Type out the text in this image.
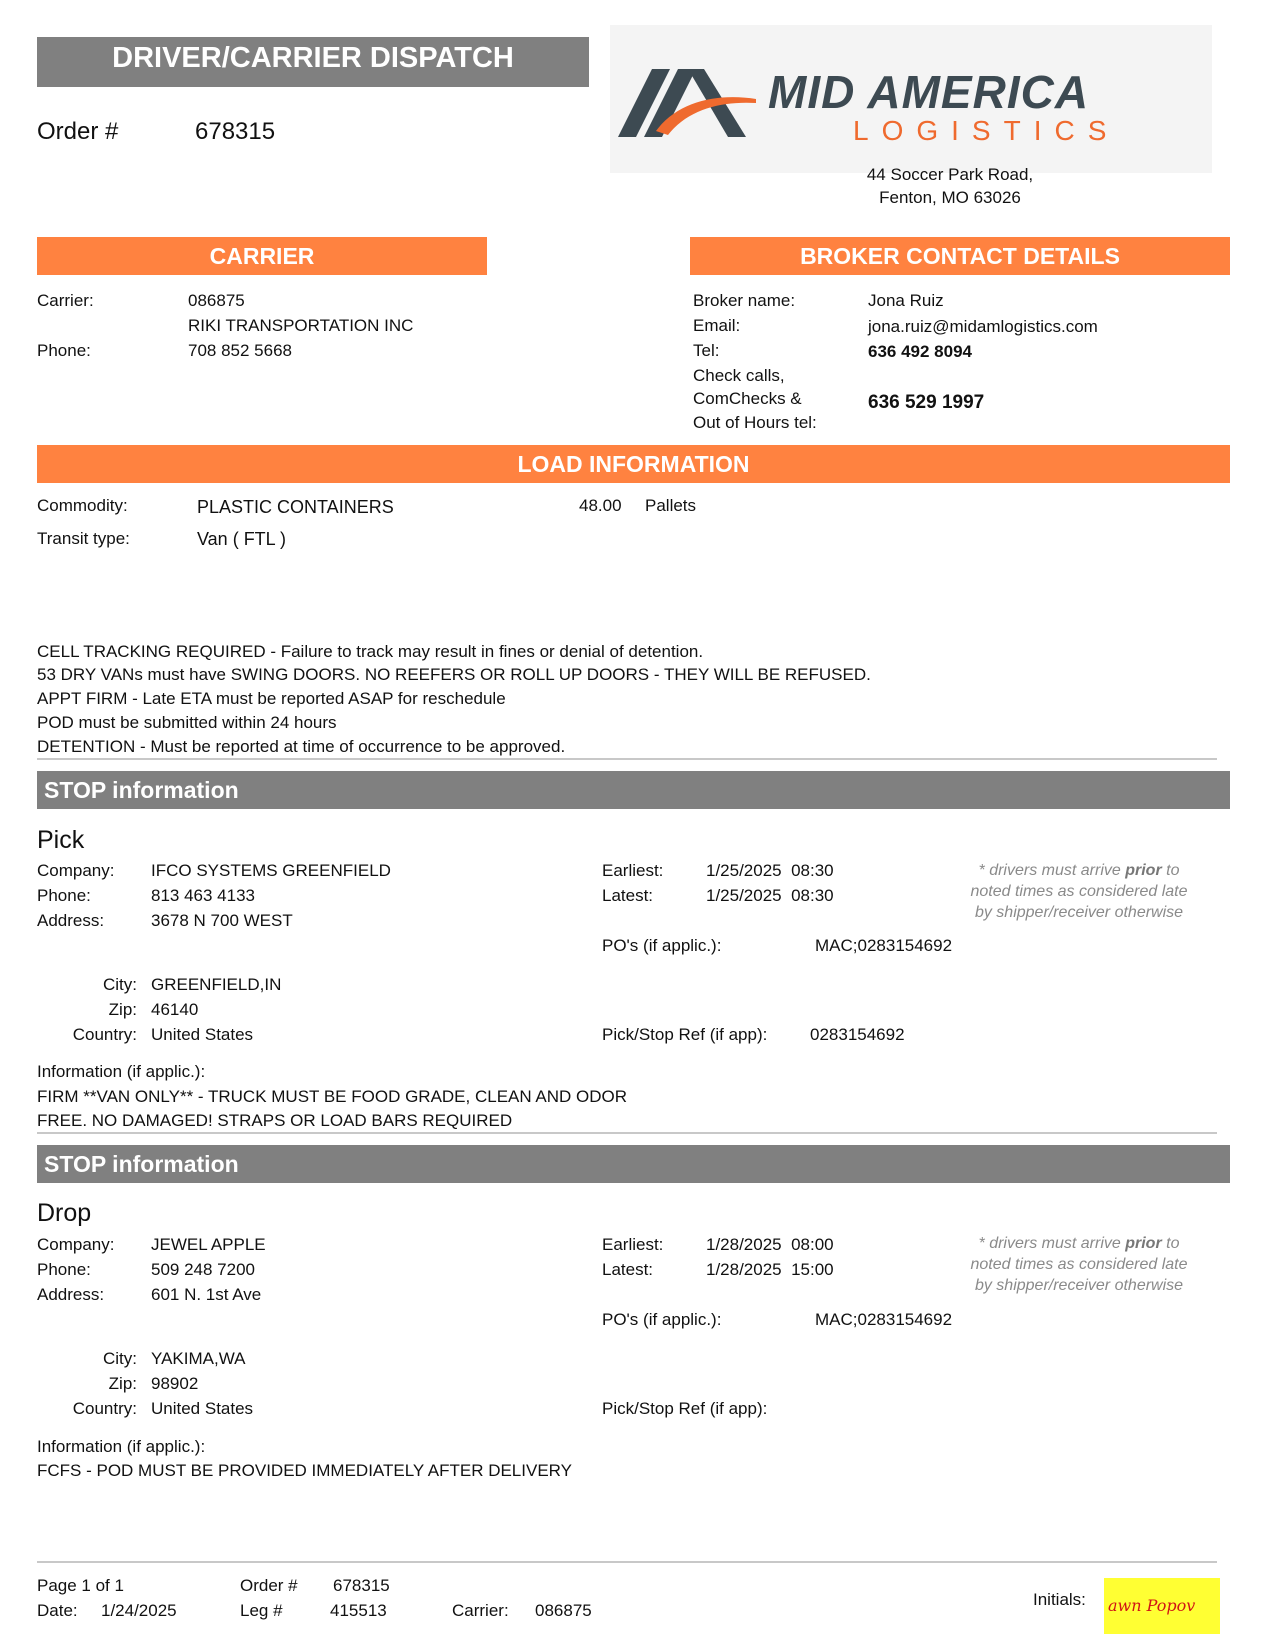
DRIVER/CARRIER DISPATCH
Order #	678315
MID AMERICA
LOGISTICS
44 Soccer Park Road,
Fenton, MO 63026
CARRIER
Carrier:	086875
RIKI TRANSPORTATION INC
Phone:	708 852 5668
BROKER CONTACT DETAILS
Broker name:	Jona Ruiz
Email:	jona.ruiz@midamlogistics.com
Tel:	636 492 8094
Check calls,
ComChecks &
Out of Hours tel:
636 529 1997
LOAD INFORMATION
Commodity:	PLASTIC CONTAINERS	48.00 Pallets
Transit type:	Van ( FTL )
CELL TRACKING REQUIRED - Failure to track may result in fines or denial of detention.
53 DRY VANs must have SWING DOORS. NO REEFERS OR ROLL UP DOORS - THEY WILL BE REFUSED.
APPT FIRM - Late ETA must be reported ASAP for reschedule
POD must be submitted within 24 hours
DETENTION - Must be reported at time of occurrence to be approved.
STOP information
Pick
Company: IFCO SYSTEMS GREENFIELD
Phone:	813 463 4133
Address:	3678 N 700 WEST
City: GREENFIELD,IN
Zip: 46140
Country: United States
Earliest:	1/25/2025  08:30
Latest:	1/25/2025  08:30
PO's (if applic.):	MAC;0283154692
Pick/Stop Ref (if app):	0283154692
* drivers must arrive prior to
noted times as considered late
by shipper/receiver otherwise
Information (if applic.):
FIRM **VAN ONLY** - TRUCK MUST BE FOOD GRADE, CLEAN AND ODOR
FREE. NO DAMAGED! STRAPS OR LOAD BARS REQUIRED
STOP information
Drop
Company: JEWEL APPLE
Phone:	509 248 7200
Address:	601 N. 1st Ave
City: YAKIMA,WA
Zip: 98902
Country: United States
Earliest:	1/28/2025  08:00
Latest:	1/28/2025  15:00
PO's (if applic.):	MAC;0283154692
Pick/Stop Ref (if app):
* drivers must arrive prior to
noted times as considered late
by shipper/receiver otherwise
Information (if applic.):
FCFS - POD MUST BE PROVIDED IMMEDIATELY AFTER DELIVERY
Page 1 of 1
Date: 1/24/2025
Order # 678315
Leg #	415513	Carrier: 086875
Initials: awn Popov
